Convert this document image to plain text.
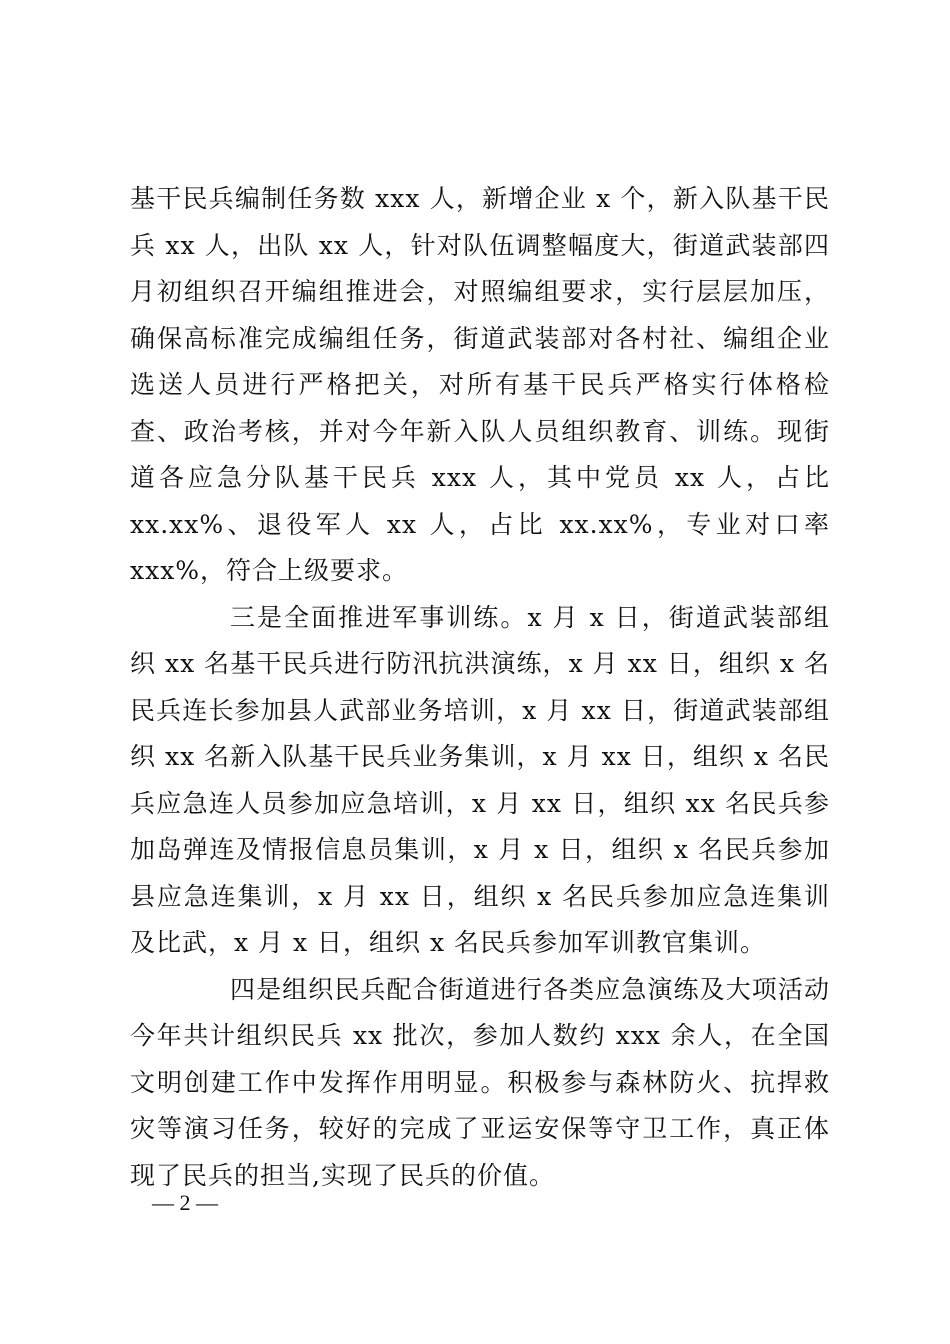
基干民兵编制任务数 xxx 人，新增企业 x 个，新入队基干民兵 xx 人，出队 xx 人，针对队伍调整幅度大，街道武装部四月初组织召开编组推进会，对照编组要求，实行层层加压，确保高标准完成编组任务，街道武装部对各村社、编组企业选送人员进行严格把关，对所有基干民兵严格实行体格检查、政治考核，并对今年新入队人员组织教育、训练。现街道各应急分队基干民兵 xxx 人，其中党员 xx 人，占比 xx.xx%、退役军人 xx 人，占比 xx.xx%，专业对口率 xxx%，符合上级要求。

三是全面推进军事训练。x 月 x 日，街道武装部组织 xx 名基干民兵进行防汛抗洪演练，x 月 xx 日，组织 x 名民兵连长参加县人武部业务培训，x 月 xx 日，街道武装部组织 xx 名新入队基干民兵业务集训，x 月 xx 日，组织 x 名民兵应急连人员参加应急培训，x 月 xx 日，组织 xx 名民兵参加岛弹连及情报信息员集训，x 月 x 日，组织 x 名民兵参加县应急连集训，x 月 xx 日，组织 x 名民兵参加应急连集训及比武，x 月 x 日，组织 x 名民兵参加军训教官集训。

四是组织民兵配合街道进行各类应急演练及大项活动今年共计组织民兵 xx 批次，参加人数约 xxx 余人，在全国文明创建工作中发挥作用明显。积极参与森林防火、抗捍救灾等演习任务，较好的完成了亚运安保等守卫工作，真正体现了民兵的担当,实现了民兵的价值。

— 2 —
